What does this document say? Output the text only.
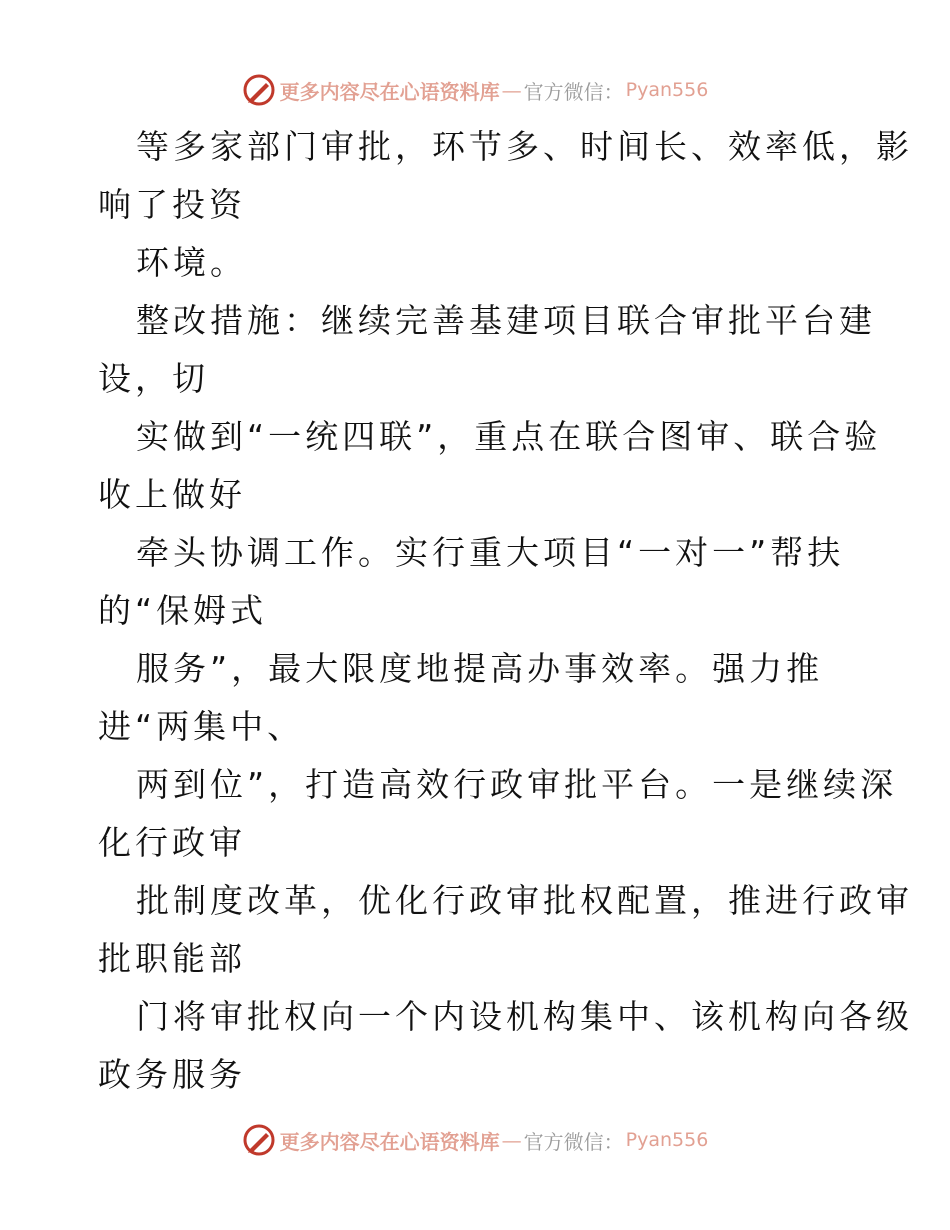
更多内容尽在心语资料库 — 官方微信： Pyan556
等多家部门审批，环节多、时间长、效率低，影
响了投资
环境。
整改措施：继续完善基建项目联合审批平台建
设，切
实做到“一统四联”，重点在联合图审、联合验
收上做好
牵头协调工作。实行重大项目“一对一”帮扶
的“保姆式
服务”，最大限度地提高办事效率。强力推
进“两集中、
两到位”，打造高效行政审批平台。一是继续深
化行政审
批制度改革，优化行政审批权配置，推进行政审
批职能部
门将审批权向一个内设机构集中、该机构向各级
政务服务
更多内容尽在心语资料库 — 官方微信： Pyan556
